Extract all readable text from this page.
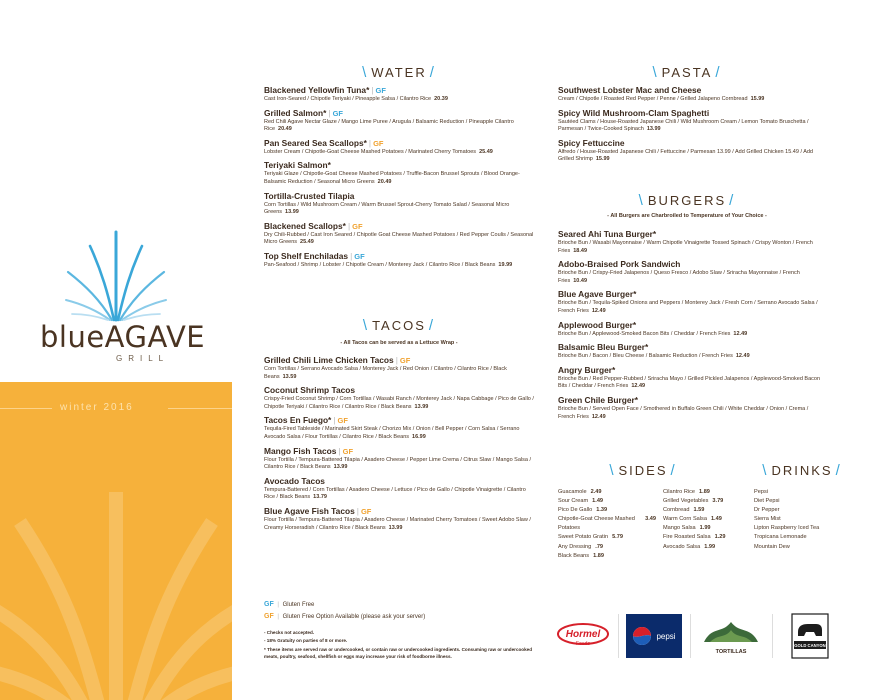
blueAGAVE
GRILL
winter 2016
\ WATER /
Blackened Yellowfin Tuna* | GF
Cast Iron-Seared / Chipotle Teriyaki / Pineapple Salsa / Cilantro Rice 20.39
Grilled Salmon* | GF
Red Chili Agave Nectar Glaze / Mango Lime Puree / Arugula / Balsamic Reduction / Pineapple Cilantro Rice 20.49
Pan Seared Sea Scallops* | GF
Lobster Cream / Chipotle-Goat Cheese Mashed Potatoes / Marinated Cherry Tomatoes 25.49
Teriyaki Salmon*
Teriyaki Glaze / Chipotle-Goat Cheese Mashed Potatoes / Truffle-Bacon Brussel Sprouts / Blood Orange-Balsamic Reduction / Seasonal Micro Greens 20.49
Tortilla-Crusted Tilapia
Corn Tortillas / Wild Mushroom Cream / Warm Brussel Sprout-Cherry Tomato Salad / Seasonal Micro Greens 13.99
Blackened Scallops* | GF
Dry Chili-Rubbed / Cast Iron Seared / Chipotle Goat Cheese Mashed Potatoes / Red Pepper Coulis / Seasonal Micro Greens 25.49
Top Shelf Enchiladas | GF
Pan-Seafood / Shrimp / Lobster / Chipotle Cream / Monterey Jack / Cilantro Rice / Black Beans 19.99
\ TACOS /
- All Tacos can be served as a Lettuce Wrap -
Grilled Chili Lime Chicken Tacos | GF
Corn Tortillas / Serrano Avocado Salsa / Monterey Jack / Red Onion / Cilantro / Cilantro Rice / Black Beans 13.59
Coconut Shrimp Tacos
Crispy-Fried Coconut Shrimp / Corn Tortillas / Wasabi Ranch / Monterey Jack / Napa Cabbage / Pico de Gallo / Chipotle Teriyaki / Cilantro Rice / Cilantro Rice / Black Beans 13.99
Tacos En Fuego* | GF
Tequila-Fired Tableside / Marinated Skirt Steak / Chorizo Mix / Onion / Bell Pepper / Corn Salsa / Serrano Avocado Salsa / Flour Tortillas / Cilantro Rice / Black Beans 16.99
Mango Fish Tacos | GF
Flour Tortilla / Tempura-Battered Tilapia / Asadero Cheese / Pepper Lime Crema / Citrus Slaw / Mango Salsa / Cilantro Rice / Black Beans 13.99
Avocado Tacos
Tempura-Battered / Corn Tortillas / Asadero Cheese / Lettuce / Pico de Gallo / Chipotle Vinaigrette / Cilantro Rice / Black Beans 13.79
Blue Agave Fish Tacos | GF
Flour Tortilla / Tempura-Battered Tilapia / Asadero Cheese / Marinated Cherry Tomatoes / Sweet Adobo Slaw / Creamy Horseradish / Cilantro Rice / Black Beans 13.99
\ PASTA /
Southwest Lobster Mac and Cheese
Cream / Chipotle / Roasted Red Pepper / Penne / Grilled Jalapeno Cornbread 15.99
Spicy Wild Mushroom-Clam Spaghetti
Sautéed Clams / House-Roasted Japanese Chili / Wild Mushroom Cream / Lemon Tomato Bruschetta / Parmesan / Twice-Cooked Spinach 13.99
Spicy Fettuccine
Alfredo / House-Roasted Japanese Chili / Fettuccine / Parmesan 13.99 / Add Grilled Chicken 15.49 / Add Grilled Shrimp 15.99
\ BURGERS /
- All Burgers are Charbroiled to Temperature of Your Choice -
Seared Ahi Tuna Burger*
Brioche Bun / Wasabi Mayonnaise / Warm Chipotle Vinaigrette Tossed Spinach / Crispy Wonton / French Fries 18.49
Adobo-Braised Pork Sandwich
Brioche Bun / Crispy-Fried Jalapenos / Queso Fresco / Adobo Slaw / Sriracha Mayonnaise / French Fries 10.49
Blue Agave Burger*
Brioche Bun / Tequila-Spiked Onions and Peppers / Monterey Jack / Fresh Corn / Serrano Avocado Salsa / French Fries 12.49
Applewood Burger*
Brioche Bun / Applewood-Smoked Bacon Bits / Cheddar / French Fries 12.49
Balsamic Bleu Burger*
Brioche Bun / Bacon / Bleu Cheese / Balsamic Reduction / French Fries 12.49
Angry Burger*
Brioche Bun / Red Pepper-Rubbed / Sriracha Mayo / Grilled Pickled Jalapenos / Applewood-Smoked Bacon Bits / Cheddar / French Fries 12.49
Green Chile Burger*
Brioche Bun / Served Open Face / Smothered in Buffalo Green Chili / White Cheddar / Onion / Crema / French Fries 12.49
\ SIDES /
Guacamole 2.49
Sour Cream 1.49
Pico De Gallo 1.39
Chipotle-Goat Cheese Mashed Potatoes
3.49
Sweet Potato Gratin 5.79
Any Dressing .79
Black Beans 1.89
Cilantro Rice 1.89
Grilled Vegetables 3.79
Cornbread 1.59
Warm Corn Salsa 1.49
Mango Salsa 1.99
Fire Roasted Salsa 1.29
Avocado Salsa 1.99
\ DRINKS /
Pepsi
Diet Pepsi
Dr Pepper
Sierra Mist
Lipton Raspberry Iced Tea
Tropicana Lemonade
Mountain Dew
GF | Gluten Free
GF | Gluten Free Option Available (please ask your server)

- Checks not accepted.

- 18% Gratuity on parties of 8 or more.

* These items are served raw or undercooked, or contain raw or undercooked ingredients. Consuming raw or undercooked meats, poultry, seafood, shellfish or eggs may increase your risk of foodborne illness.

Hormel
Foods
pepsi
TORTILLAS
GOLD CANYON
